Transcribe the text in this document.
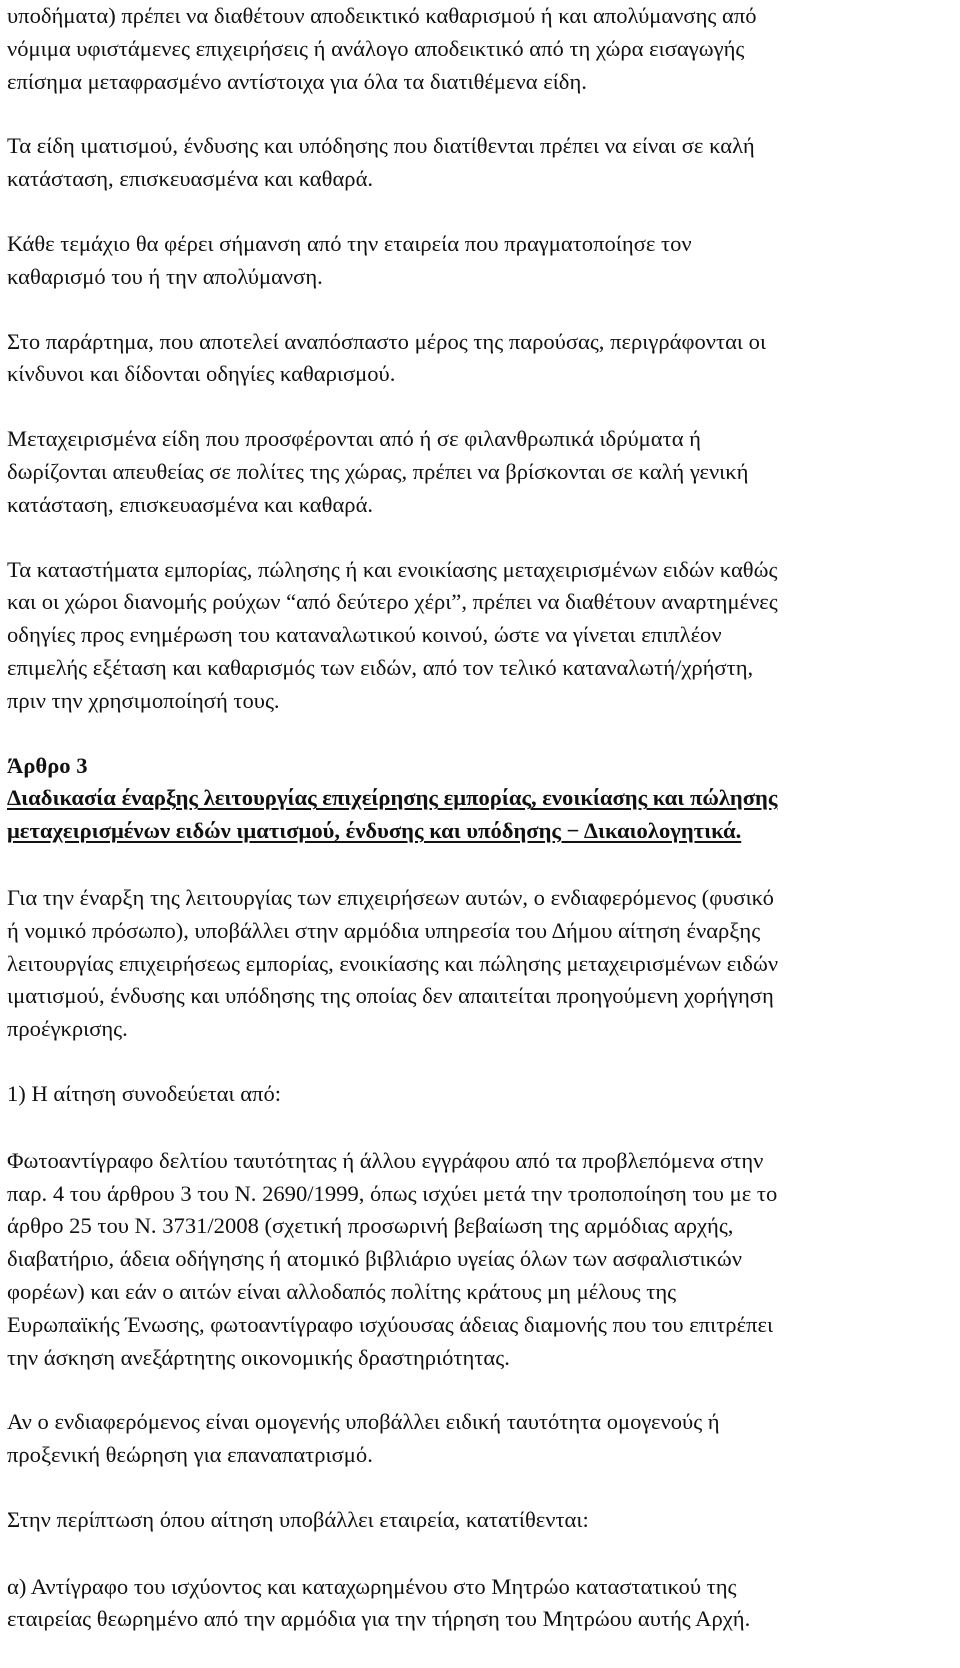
υποδήματα) πρέπει να διαθέτουν αποδεικτικό καθαρισμού ή και απολύμανσης από
νόμιμα υφιστάμενες επιχειρήσεις ή ανάλογο αποδεικτικό από τη χώρα εισαγωγής
επίσημα μεταφρασμένο αντίστοιχα για όλα τα διατιθέμενα είδη.
Τα είδη ιματισμού, ένδυσης και υπόδησης που διατίθενται πρέπει να είναι σε καλή
κατάσταση, επισκευασμένα και καθαρά.
Κάθε τεμάχιο θα φέρει σήμανση από την εταιρεία που πραγματοποίησε τον
καθαρισμό του ή την απολύμανση.
Στο παράρτημα, που αποτελεί αναπόσπαστο μέρος της παρούσας, περιγράφονται οι
κίνδυνοι και δίδονται οδηγίες καθαρισμού.
Μεταχειρισμένα είδη που προσφέρονται από ή σε φιλανθρωπικά ιδρύματα ή
δωρίζονται απευθείας σε πολίτες της χώρας, πρέπει να βρίσκονται σε καλή γενική
κατάσταση, επισκευασμένα και καθαρά.
Τα καταστήματα εμπορίας, πώλησης ή και ενοικίασης μεταχειρισμένων ειδών καθώς
και οι χώροι διανομής ρούχων “από δεύτερο χέρι”, πρέπει να διαθέτουν αναρτημένες
οδηγίες προς ενημέρωση του καταναλωτικού κοινού, ώστε να γίνεται επιπλέον
επιμελής εξέταση και καθαρισμός των ειδών, από τον τελικό καταναλωτή/χρήστη,
πριν την χρησιμοποίησή τους.
Άρθρο 3
Διαδικασία έναρξης λειτουργίας επιχείρησης εμπορίας, ενοικίασης και πώλησης
μεταχειρισμένων ειδών ιματισμού, ένδυσης και υπόδησης − Δικαιολογητικά.
Για την έναρξη της λειτουργίας των επιχειρήσεων αυτών, ο ενδιαφερόμενος (φυσικό
ή νομικό πρόσωπο), υποβάλλει στην αρμόδια υπηρεσία του Δήμου αίτηση έναρξης
λειτουργίας επιχειρήσεως εμπορίας, ενοικίασης και πώλησης μεταχειρισμένων ειδών
ιματισμού, ένδυσης και υπόδησης της οποίας δεν απαιτείται προηγούμενη χορήγηση
προέγκρισης.
1) Η αίτηση συνοδεύεται από:
Φωτοαντίγραφο δελτίου ταυτότητας ή άλλου εγγράφου από τα προβλεπόμενα στην
παρ. 4 του άρθρου 3 του Ν. 2690/1999, όπως ισχύει μετά την τροποποίηση του με το
άρθρο 25 του Ν. 3731/2008 (σχετική προσωρινή βεβαίωση της αρμόδιας αρχής,
διαβατήριο, άδεια οδήγησης ή ατομικό βιβλιάριο υγείας όλων των ασφαλιστικών
φορέων) και εάν ο αιτών είναι αλλοδαπός πολίτης κράτους μη μέλους της
Ευρωπαϊκής Ένωσης, φωτοαντίγραφο ισχύουσας άδειας διαμονής που του επιτρέπει
την άσκηση ανεξάρτητης οικονομικής δραστηριότητας.
Αν ο ενδιαφερόμενος είναι ομογενής υποβάλλει ειδική ταυτότητα ομογενούς ή
προξενική θεώρηση για επαναπατρισμό.
Στην περίπτωση όπου αίτηση υποβάλλει εταιρεία, κατατίθενται:
α) Αντίγραφο του ισχύοντος και καταχωρημένου στο Μητρώο καταστατικού της
εταιρείας θεωρημένο από την αρμόδια για την τήρηση του Μητρώου αυτής Αρχή.
